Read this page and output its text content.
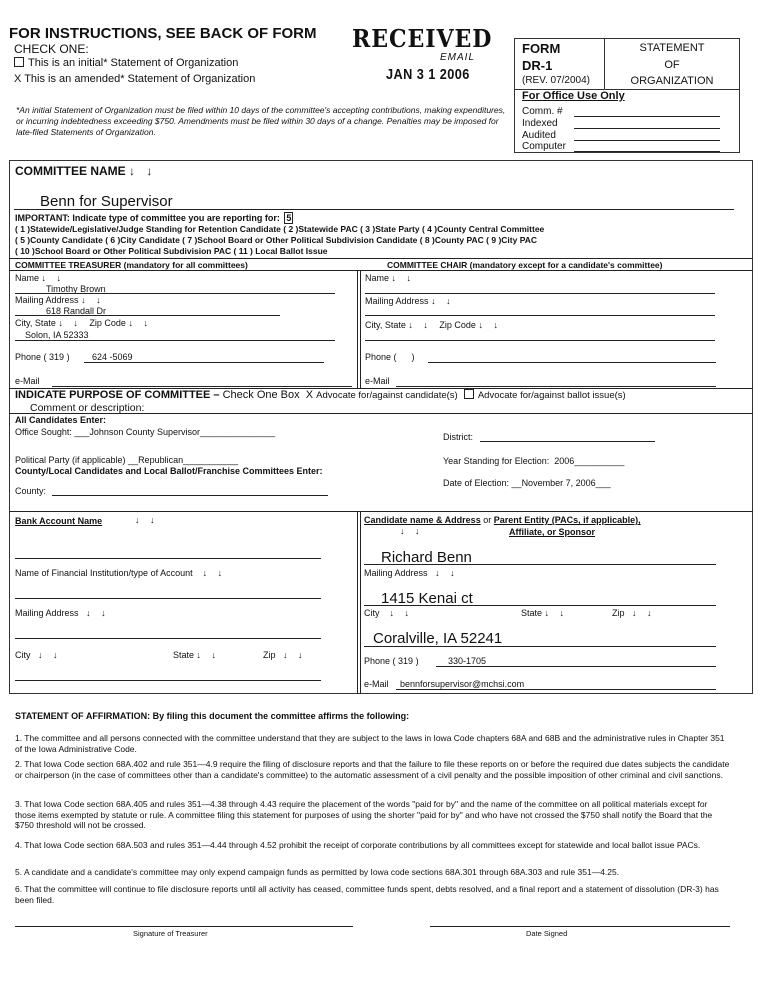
FOR INSTRUCTIONS, SEE BACK OF FORM
CHECK ONE:
This is an initial* Statement of Organization
X This is an amended* Statement of Organization
*An initial Statement of Organization must be filed within 10 days of the committee's accepting contributions, making expenditures, or incurring indebtedness exceeding $750. Amendments must be filed within 30 days of a change. Penalties may be imposed for late-filed Statements of Organization.
RECEIVED
EMAIL
JAN 3 1 2006
FORM
DR-1
(REV. 07/2004)
STATEMENT
OF
ORGANIZATION
For Office Use Only
Comm. #
Indexed
Audited
Computer
COMMITTEE NAME ↓ ↓
Benn for Supervisor
IMPORTANT: Indicate type of committee you are reporting for: 5
( 1 )Statewide/Legislative/Judge Standing for Retention Candidate ( 2 )Statewide PAC ( 3 )State Party ( 4 )County Central Committee
( 5 )County Candidate ( 6 )City Candidate ( 7 )School Board or Other Political Subdivision Candidate ( 8 )County PAC ( 9 )City PAC
( 10 )School Board or Other Political Subdivision PAC ( 11 ) Local Ballot Issue
COMMITTEE TREASURER (mandatory for all committees)	COMMITTEE CHAIR (mandatory except for a candidate's committee)
Name ↓ ↓
Timothy Brown
Mailing Address ↓ ↓
618 Randall Dr
City, State ↓ ↓ Zip Code ↓ ↓
Solon, IA 52333
Phone ( 319 ) 624 -5069
e-Mail
Name ↓ ↓
Mailing Address ↓ ↓
City, State ↓ ↓ Zip Code ↓ ↓
Phone ( )
e-Mail
INDICATE PURPOSE OF COMMITTEE – Check One Box X Advocate for/against candidate(s) Advocate for/against ballot issue(s)
Comment or description:
All Candidates Enter:
Office Sought: ___Johnson County Supervisor_______________	District:
Political Party (if applicable) __Republican___________	Year Standing for Election: 2006__________
County/Local Candidates and Local Ballot/Franchise Committees Enter:
Date of Election: __November 7, 2006___
County:
Bank Account Name	↓ ↓
Name of Financial Institution/type of Account ↓ ↓
Mailing Address ↓ ↓
City ↓ ↓	State ↓ ↓	Zip ↓ ↓
Candidate name & Address or Parent Entity (PACs, if applicable),
↓ ↓	Affiliate, or Sponsor
Richard Benn
Mailing Address ↓ ↓
1415 Kenai ct
City ↓ ↓	State ↓ ↓	Zip ↓ ↓
Coralville, IA 52241
Phone ( 319 )	330-1705
e-Mail bennforsupervisor@mchsi.com
STATEMENT OF AFFIRMATION: By filing this document the committee affirms the following:
1. The committee and all persons connected with the committee understand that they are subject to the laws in Iowa Code chapters 68A and 68B and the administrative rules in Chapter 351 of the Iowa Administrative Code.
2. That Iowa Code section 68A.402 and rule 351—4.9 require the filing of disclosure reports and that the failure to file these reports on or before the required due dates subjects the candidate or chairperson (in the case of committees other than a candidate's committee) to the automatic assessment of a civil penalty and the possible imposition of other criminal and civil sanctions.
3. That Iowa Code section 68A.405 and rules 351—4.38 through 4.43 require the placement of the words "paid for by" and the name of the committee on all political materials except for those items exempted by statute or rule. A committee filing this statement for purposes of using the shorter "paid for by" and who have not crossed the $750 shall notify the Board that the $750 threshold will not be crossed.
4. That Iowa Code section 68A.503 and rules 351—4.44 through 4.52 prohibit the receipt of corporate contributions by all committees except for statewide and local ballot issue PACs.
5. A candidate and a candidate's committee may only expend campaign funds as permitted by Iowa code sections 68A.301 through 68A.303 and rule 351—4.25.
6. That the committee will continue to file disclosure reports until all activity has ceased, committee funds spent, debts resolved, and a final report and a statement of dissolution (DR-3) has been filed.
Signature of Treasurer	Date Signed
